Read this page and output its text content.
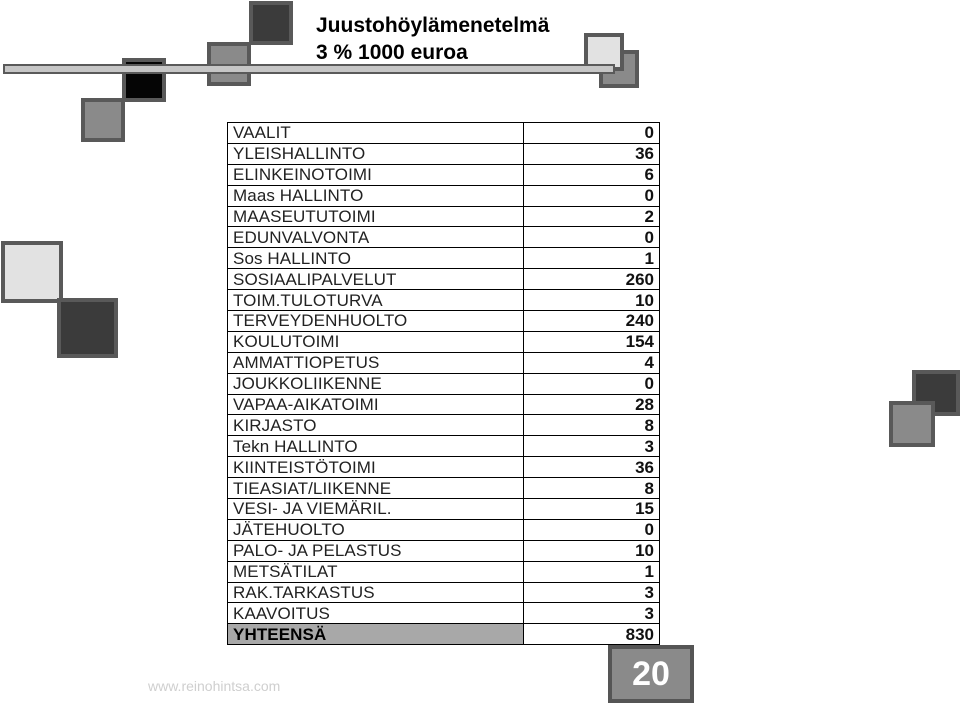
Juustohöylämenetelmä
3 % 1000 euroa
VAALIT	0
YLEISHALLINTO	36
ELINKEINOTOIMI	6
Maas HALLINTO	0
MAASEUTUTOIMI	2
EDUNVALVONTA	0
Sos HALLINTO	1
SOSIAALIPALVELUT	260
TOIM.TULOTURVA	10
TERVEYDENHUOLTO	240
KOULUTOIMI	154
AMMATTIOPETUS	4
JOUKKOLIIKENNE	0
VAPAA-AIKATOIMI	28
KIRJASTO	8
Tekn HALLINTO	3
KIINTEISTÖTOIMI	36
TIEASIAT/LIIKENNE	8
VESI- JA VIEMÄRIL.	15
JÄTEHUOLTO	0
PALO- JA PELASTUS	10
METSÄTILAT	1
RAK.TARKASTUS	3
KAAVOITUS	3
YHTEENSÄ	830
20
www.reinohintsa.com
